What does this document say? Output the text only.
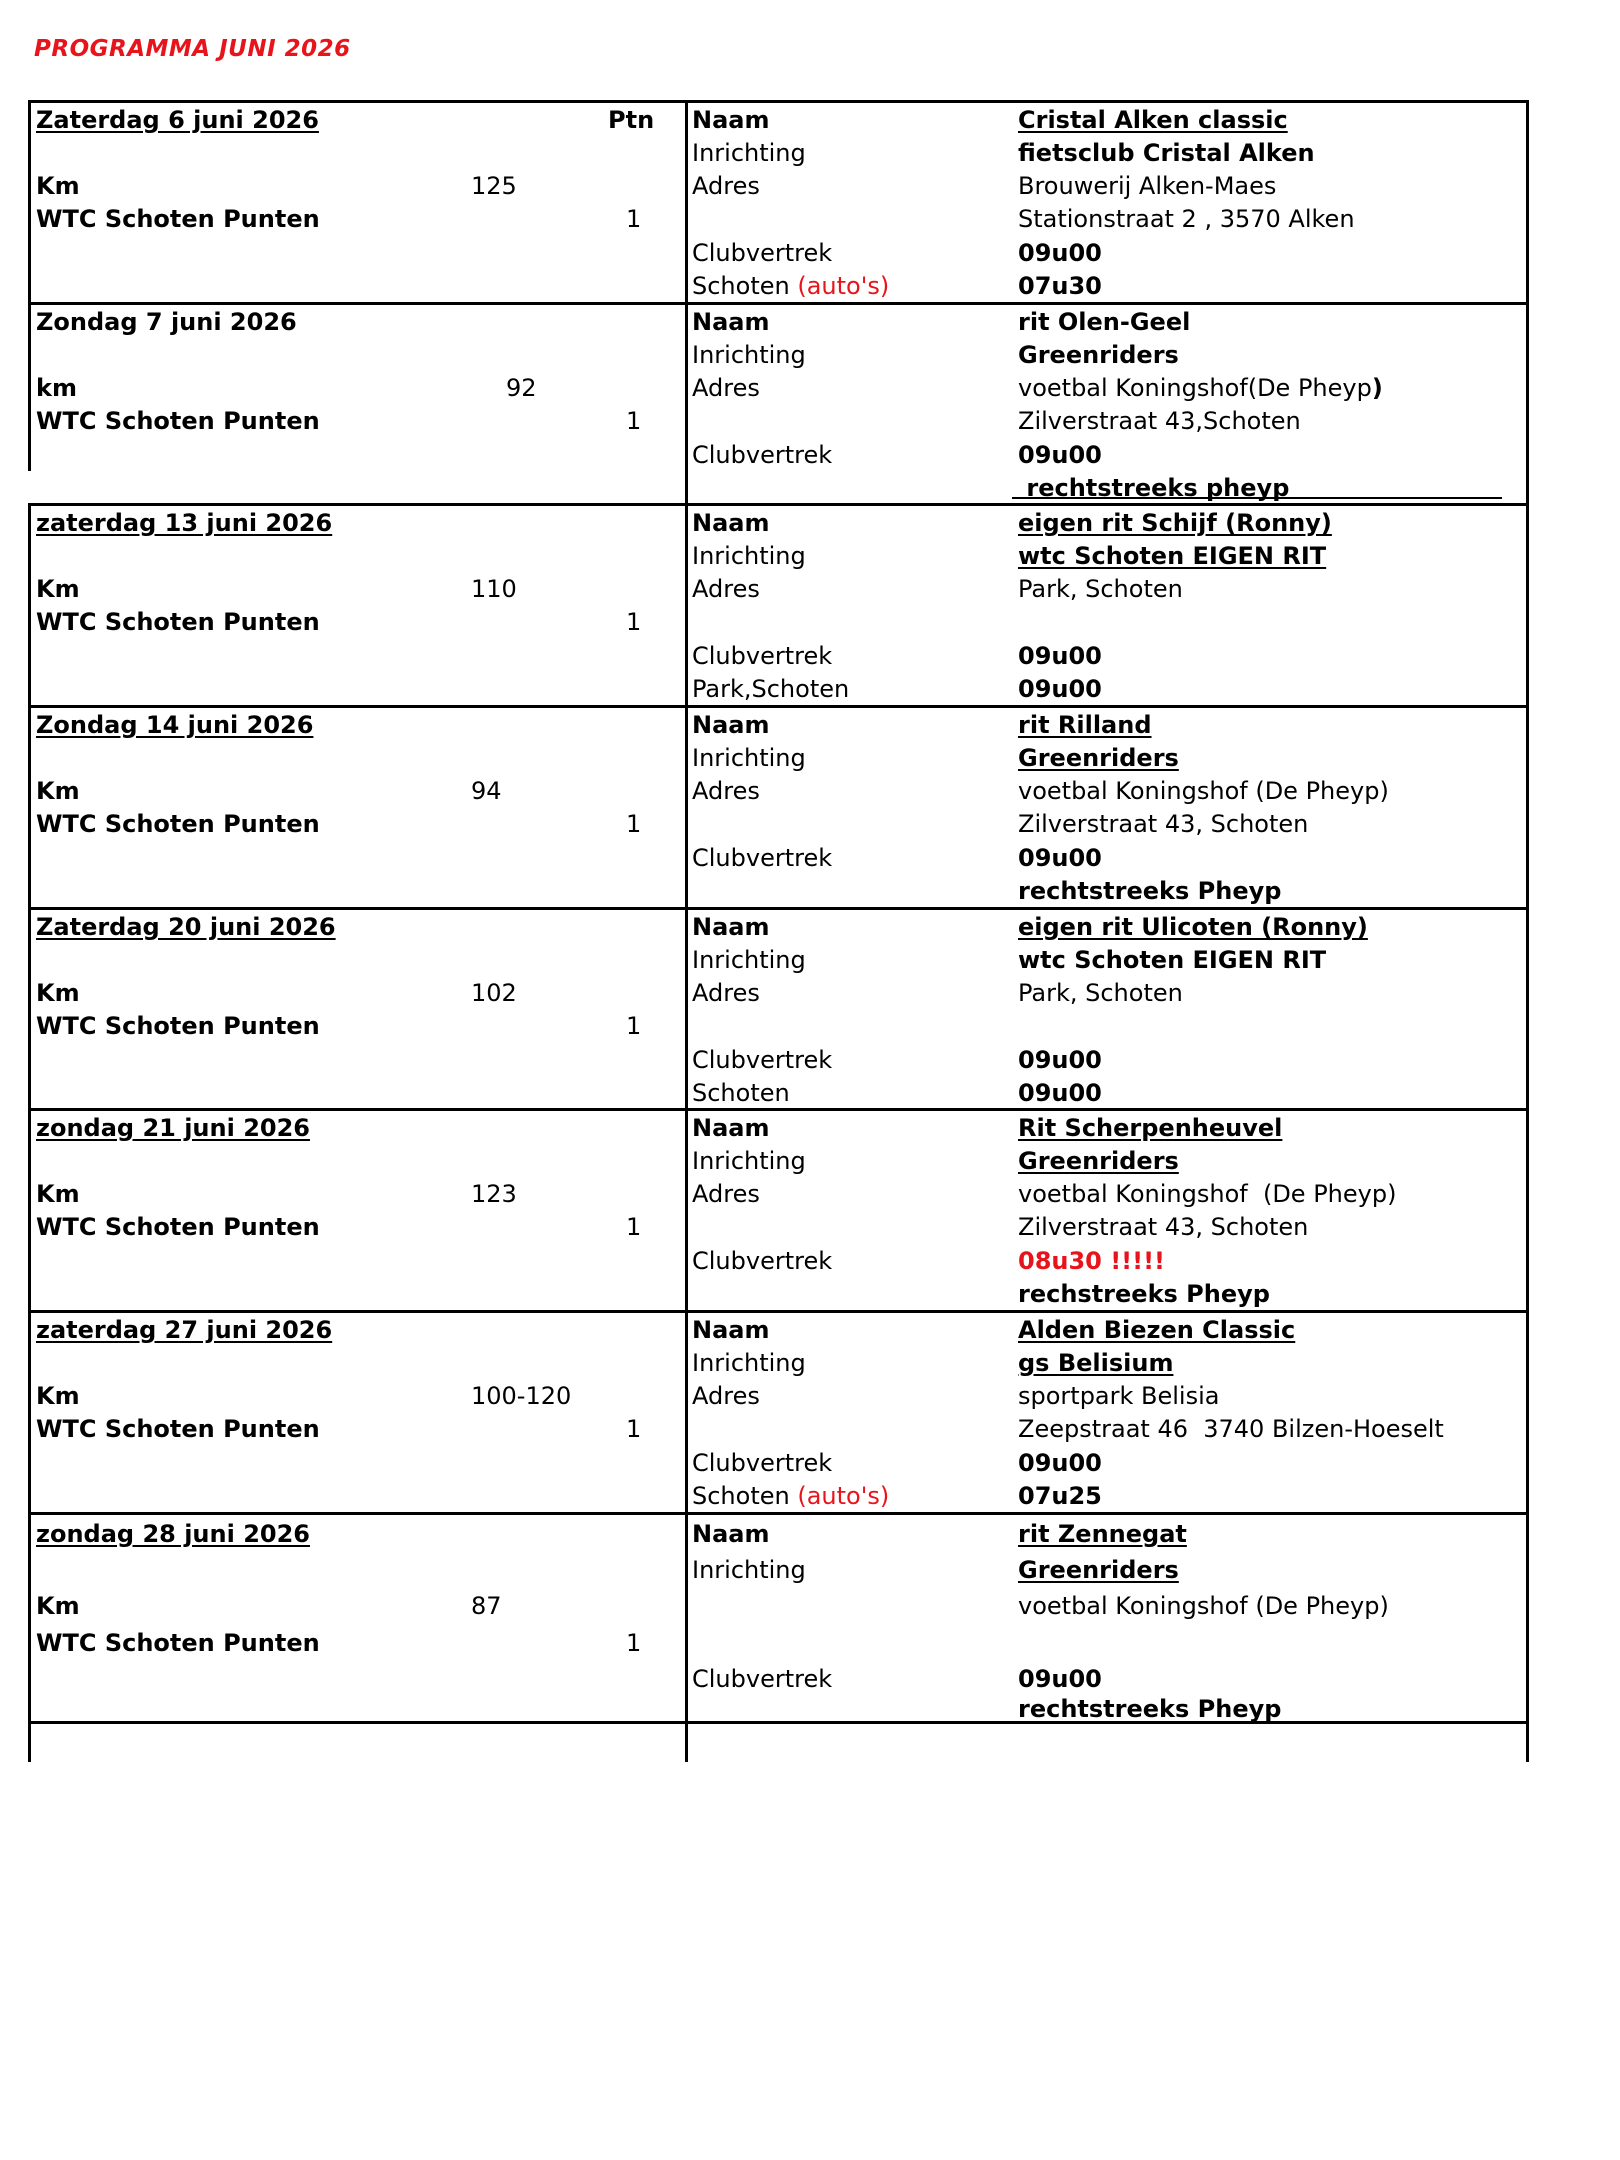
PROGRAMMA JUNI 2026
Zaterdag 6 juni 2026	Ptn
Km	125
WTC Schoten Punten	1
Naam	Cristal Alken classic
Inrichting	fietsclub Cristal Alken
Adres	Brouwerij Alken-Maes
Stationstraat 2 , 3570 Alken
Clubvertrek	09u00
Schoten (auto's)	07u30
Zondag 7 juni 2026
km	92
WTC Schoten Punten	1
Naam	rit Olen-Geel
Inrichting	Greenriders
Adres	voetbal Koningshof(De Pheyp)
Zilverstraat 43,Schoten
Clubvertrek	09u00
rechtstreeks pheyp
zaterdag 13 juni 2026
Km	110
WTC Schoten Punten	1
Naam	eigen rit Schijf (Ronny)
Inrichting	wtc Schoten EIGEN RIT
Adres	Park, Schoten
Clubvertrek	09u00
Park,Schoten	09u00
Zondag 14 juni 2026
Km	94
WTC Schoten Punten	1
Naam	rit Rilland
Inrichting	Greenriders
Adres	voetbal Koningshof (De Pheyp)
Zilverstraat 43, Schoten
Clubvertrek	09u00
rechtstreeks Pheyp
Zaterdag 20 juni 2026
Km	102
WTC Schoten Punten	1
Naam	eigen rit Ulicoten (Ronny)
Inrichting	wtc Schoten EIGEN RIT
Adres	Park, Schoten
Clubvertrek	09u00
Schoten	09u00
zondag 21 juni 2026
Km	123
WTC Schoten Punten	1
Naam	Rit Scherpenheuvel
Inrichting	Greenriders
Adres	voetbal Koningshof  (De Pheyp)
Zilverstraat 43, Schoten
Clubvertrek	08u30 !!!!!
rechstreeks Pheyp
zaterdag 27 juni 2026
Km	100-120
WTC Schoten Punten	1
Naam	Alden Biezen Classic
Inrichting	gs Belisium
Adres	sportpark Belisia
Zeepstraat 46  3740 Bilzen-Hoeselt
Clubvertrek	09u00
Schoten (auto's)	07u25
zondag 28 juni 2026
Km	87
WTC Schoten Punten	1
Naam	rit Zennegat
Inrichting	Greenriders
voetbal Koningshof (De Pheyp)
Clubvertrek	09u00
rechtstreeks Pheyp
